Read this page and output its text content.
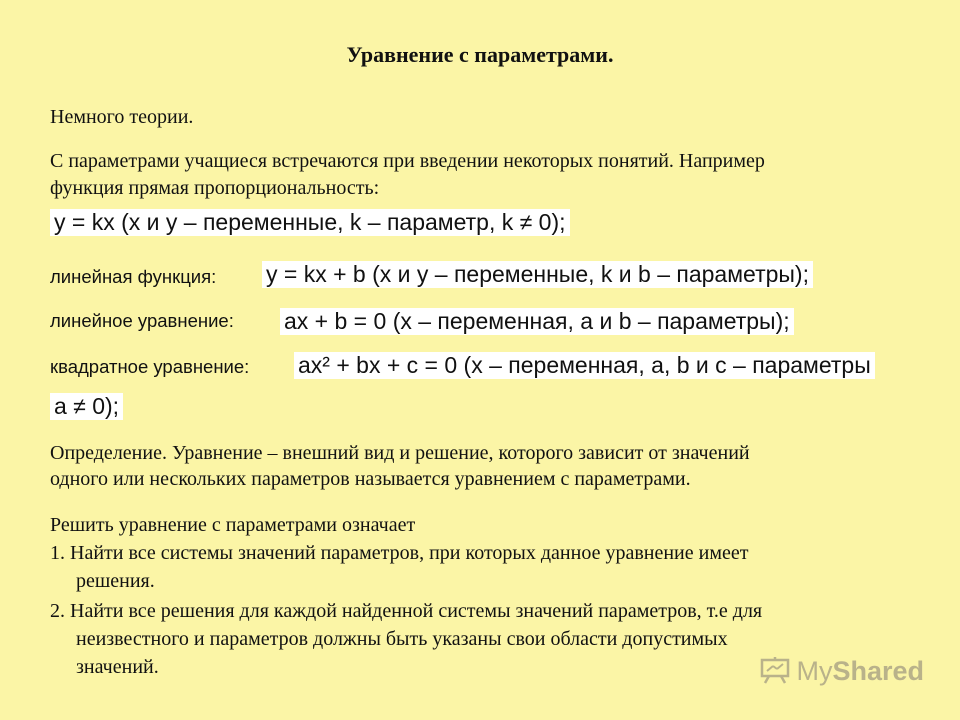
Уравнение с параметрами.
Немного теории.
С параметрами учащиеся встречаются при введении некоторых понятий. Например
функция прямая пропорциональность:
y = kx (x и y – переменные, k – параметр, k ≠ 0);
линейная функция: y = kx + b (x и y – переменные, k и b – параметры);
линейное уравнение: ax + b = 0 (x – переменная, a и b – параметры);
квадратное уравнение: ax² + bx + c = 0 (x – переменная, a, b и c – параметры
a ≠ 0);
Определение. Уравнение – внешний вид и решение, которого зависит от значений
одного или нескольких параметров называется уравнением с параметрами.
Решить уравнение с параметрами означает
1. Найти все системы значений параметров, при которых данное уравнение имеет
решения.
2. Найти все решения для каждой найденной системы значений параметров, т.е для
неизвестного и параметров должны быть указаны свои области допустимых
значений.	MyShared
